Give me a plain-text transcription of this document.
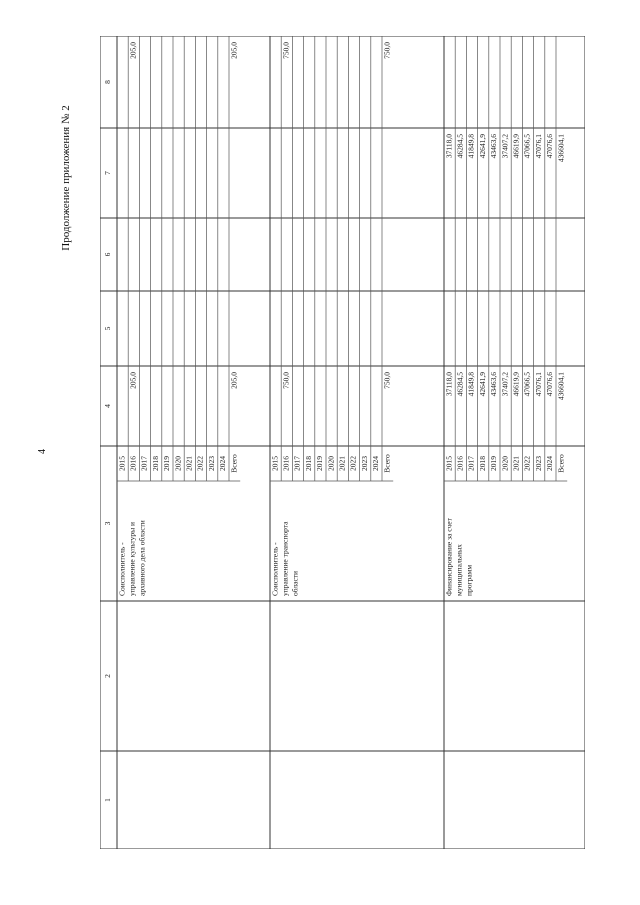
4
Продолжение приложения № 2
8
7
6
5
4
3
2
1
Соисполнитель - управление культуры и архивного дела области
2015 2016
205,0
205,0
2017 2018 2019 2020 2021 2022 2023 2024 Всего
205,0
205,0
Соисполнитель - управление транспорта области
2015 2016
750,0
750,0
2017 2018 2019 2020 2021 2022 2023 2024 Всего
750,0
750,0
Финансирование за счет муниципальных программ
2015
37118,0
37118,0
2016
46284,5
46284,5
2017
41849,8
41849,8
2018
42641,9
42641,9
2019
43463,6
43463,6
2020
37407,2
37407,2
2021
46619,9
46619,9
2022
47066,5
47066,5
2023
47076,1
47076,1
2024
47076,6
47076,6
Всего
436604,1
436604,1
